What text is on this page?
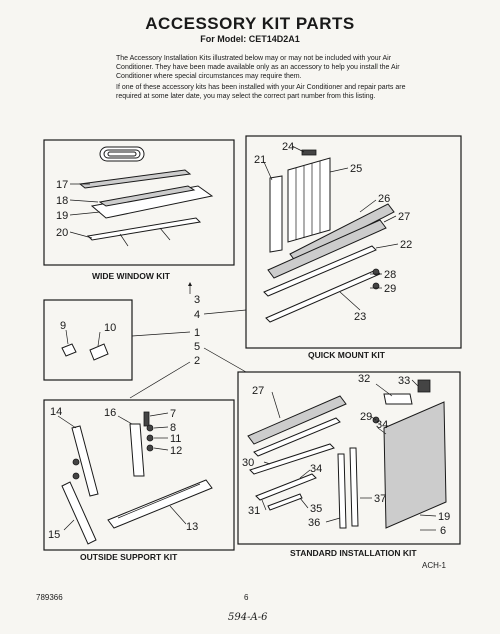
ACCESSORY KIT PARTS
For Model: CET14D2A1

The Accessory Installation Kits illustrated below may or may not be included with your Air Conditioner. They have been made available only as an accessory to help you install the Air Conditioner where special circumstances may require them.

If one of these accessory kits has been installed with your Air Conditioner and repair parts are required at some later date, you may select the correct part number from this listing.

17
18
19
20
WIDE WINDOW KIT
24
21
25
26
27
22
28
29
23
QUICK MOUNT KIT
9	10
3
4
1
5
2
14	16	7
8
11
12
15
13
OUTSIDE SUPPORT KIT
32	33
27
29
34
30	34
31	35
36
37
19
6
STANDARD INSTALLATION KIT
ACH-1
789366	6
594-A-6
